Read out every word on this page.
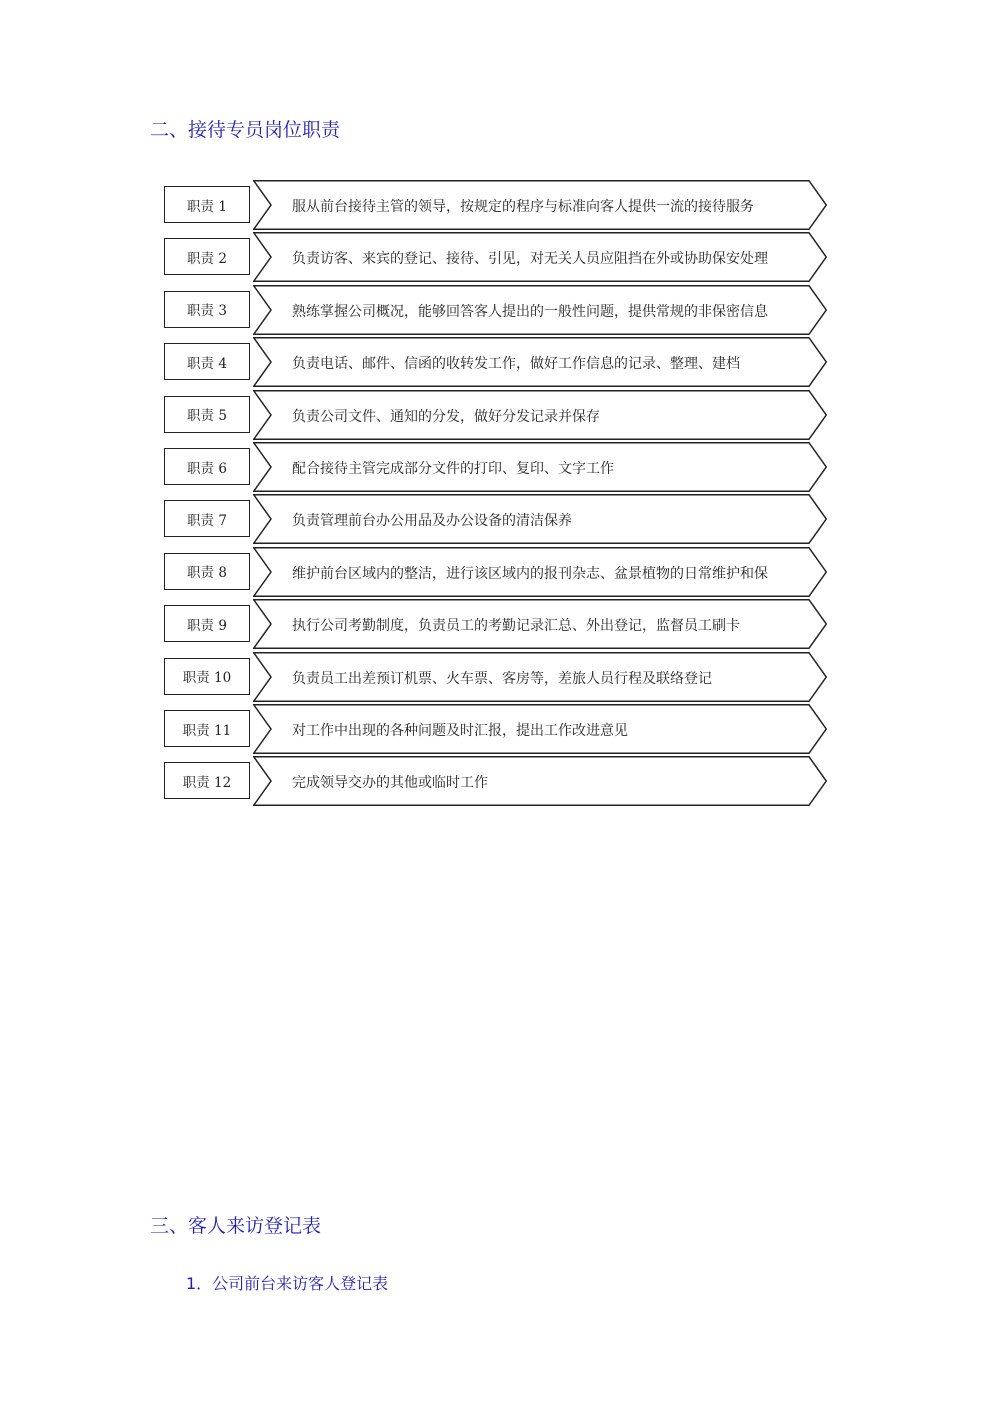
二、接待专员岗位职责
职责 1	服从前台接待主管的领导，按规定的程序与标准向客人提供一流的接待服务
职责 2	负责访客、来宾的登记、接待、引见，对无关人员应阻挡在外或协助保安处理
职责 3	熟练掌握公司概况，能够回答客人提出的一般性问题，提供常规的非保密信息
职责 4	负责电话、邮件、信函的收转发工作，做好工作信息的记录、整理、建档
职责 5	负责公司文件、通知的分发，做好分发记录并保存
职责 6	配合接待主管完成部分文件的打印、复印、文字工作
职责 7	负责管理前台办公用品及办公设备的清洁保养
职责 8	维护前台区域内的整洁，进行该区域内的报刊杂志、盆景植物的日常维护和保
职责 9	执行公司考勤制度，负责员工的考勤记录汇总、外出登记，监督员工刷卡
职责 10	负责员工出差预订机票、火车票、客房等，差旅人员行程及联络登记
职责 11	对工作中出现的各种问题及时汇报，提出工作改进意见
职责 12	完成领导交办的其他或临时工作
三、客人来访登记表
1．公司前台来访客人登记表
